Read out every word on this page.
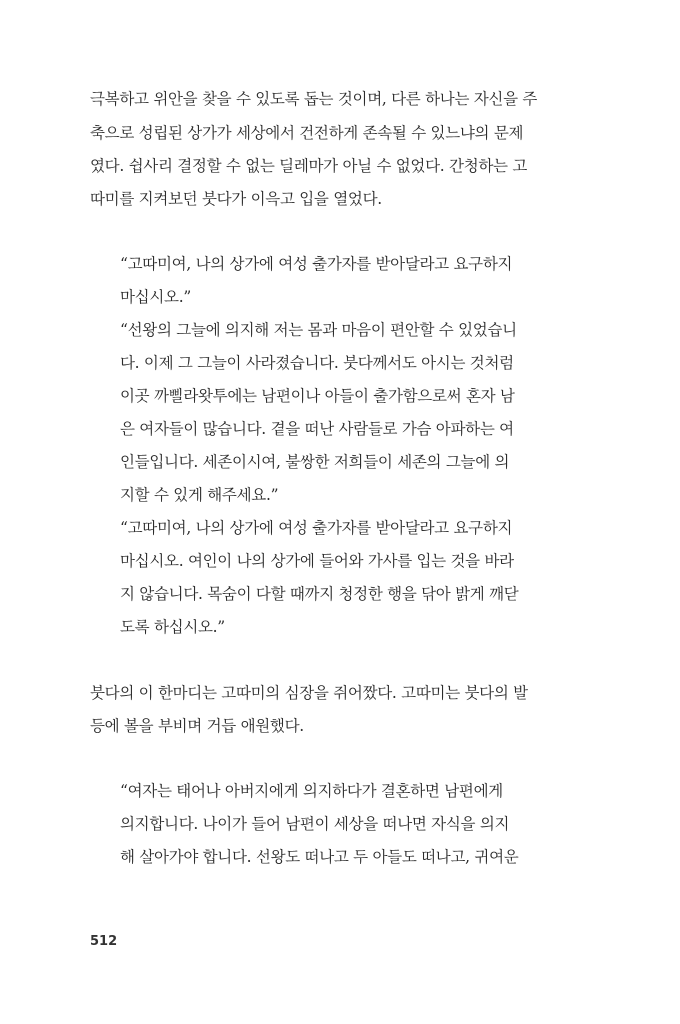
극복하고 위안을 찾을 수 있도록 돕는 것이며, 다른 하나는 자신을 주
축으로 성립된 상가가 세상에서 건전하게 존속될 수 있느냐의 문제
였다. 쉽사리 결정할 수 없는 딜레마가 아닐 수 없었다. 간청하는 고
따미를 지켜보던 붓다가 이윽고 입을 열었다.
“고따미여, 나의 상가에 여성 출가자를 받아달라고 요구하지
마십시오.”
“선왕의 그늘에 의지해 저는 몸과 마음이 편안할 수 있었습니
다. 이제 그 그늘이 사라졌습니다. 붓다께서도 아시는 것처럼
이곳 까삘라왓투에는 남편이나 아들이 출가함으로써 혼자 남
은 여자들이 많습니다. 곁을 떠난 사람들로 가슴 아파하는 여
인들입니다. 세존이시여, 불쌍한 저희들이 세존의 그늘에 의
지할 수 있게 해주세요.”
“고따미여, 나의 상가에 여성 출가자를 받아달라고 요구하지
마십시오. 여인이 나의 상가에 들어와 가사를 입는 것을 바라
지 않습니다. 목숨이 다할 때까지 청정한 행을 닦아 밝게 깨닫
도록 하십시오.”
붓다의 이 한마디는 고따미의 심장을 쥐어짰다. 고따미는 붓다의 발
등에 볼을 부비며 거듭 애원했다.
“여자는 태어나 아버지에게 의지하다가 결혼하면 남편에게
의지합니다. 나이가 들어 남편이 세상을 떠나면 자식을 의지
해 살아가야 합니다. 선왕도 떠나고 두 아들도 떠나고, 귀여운
512
